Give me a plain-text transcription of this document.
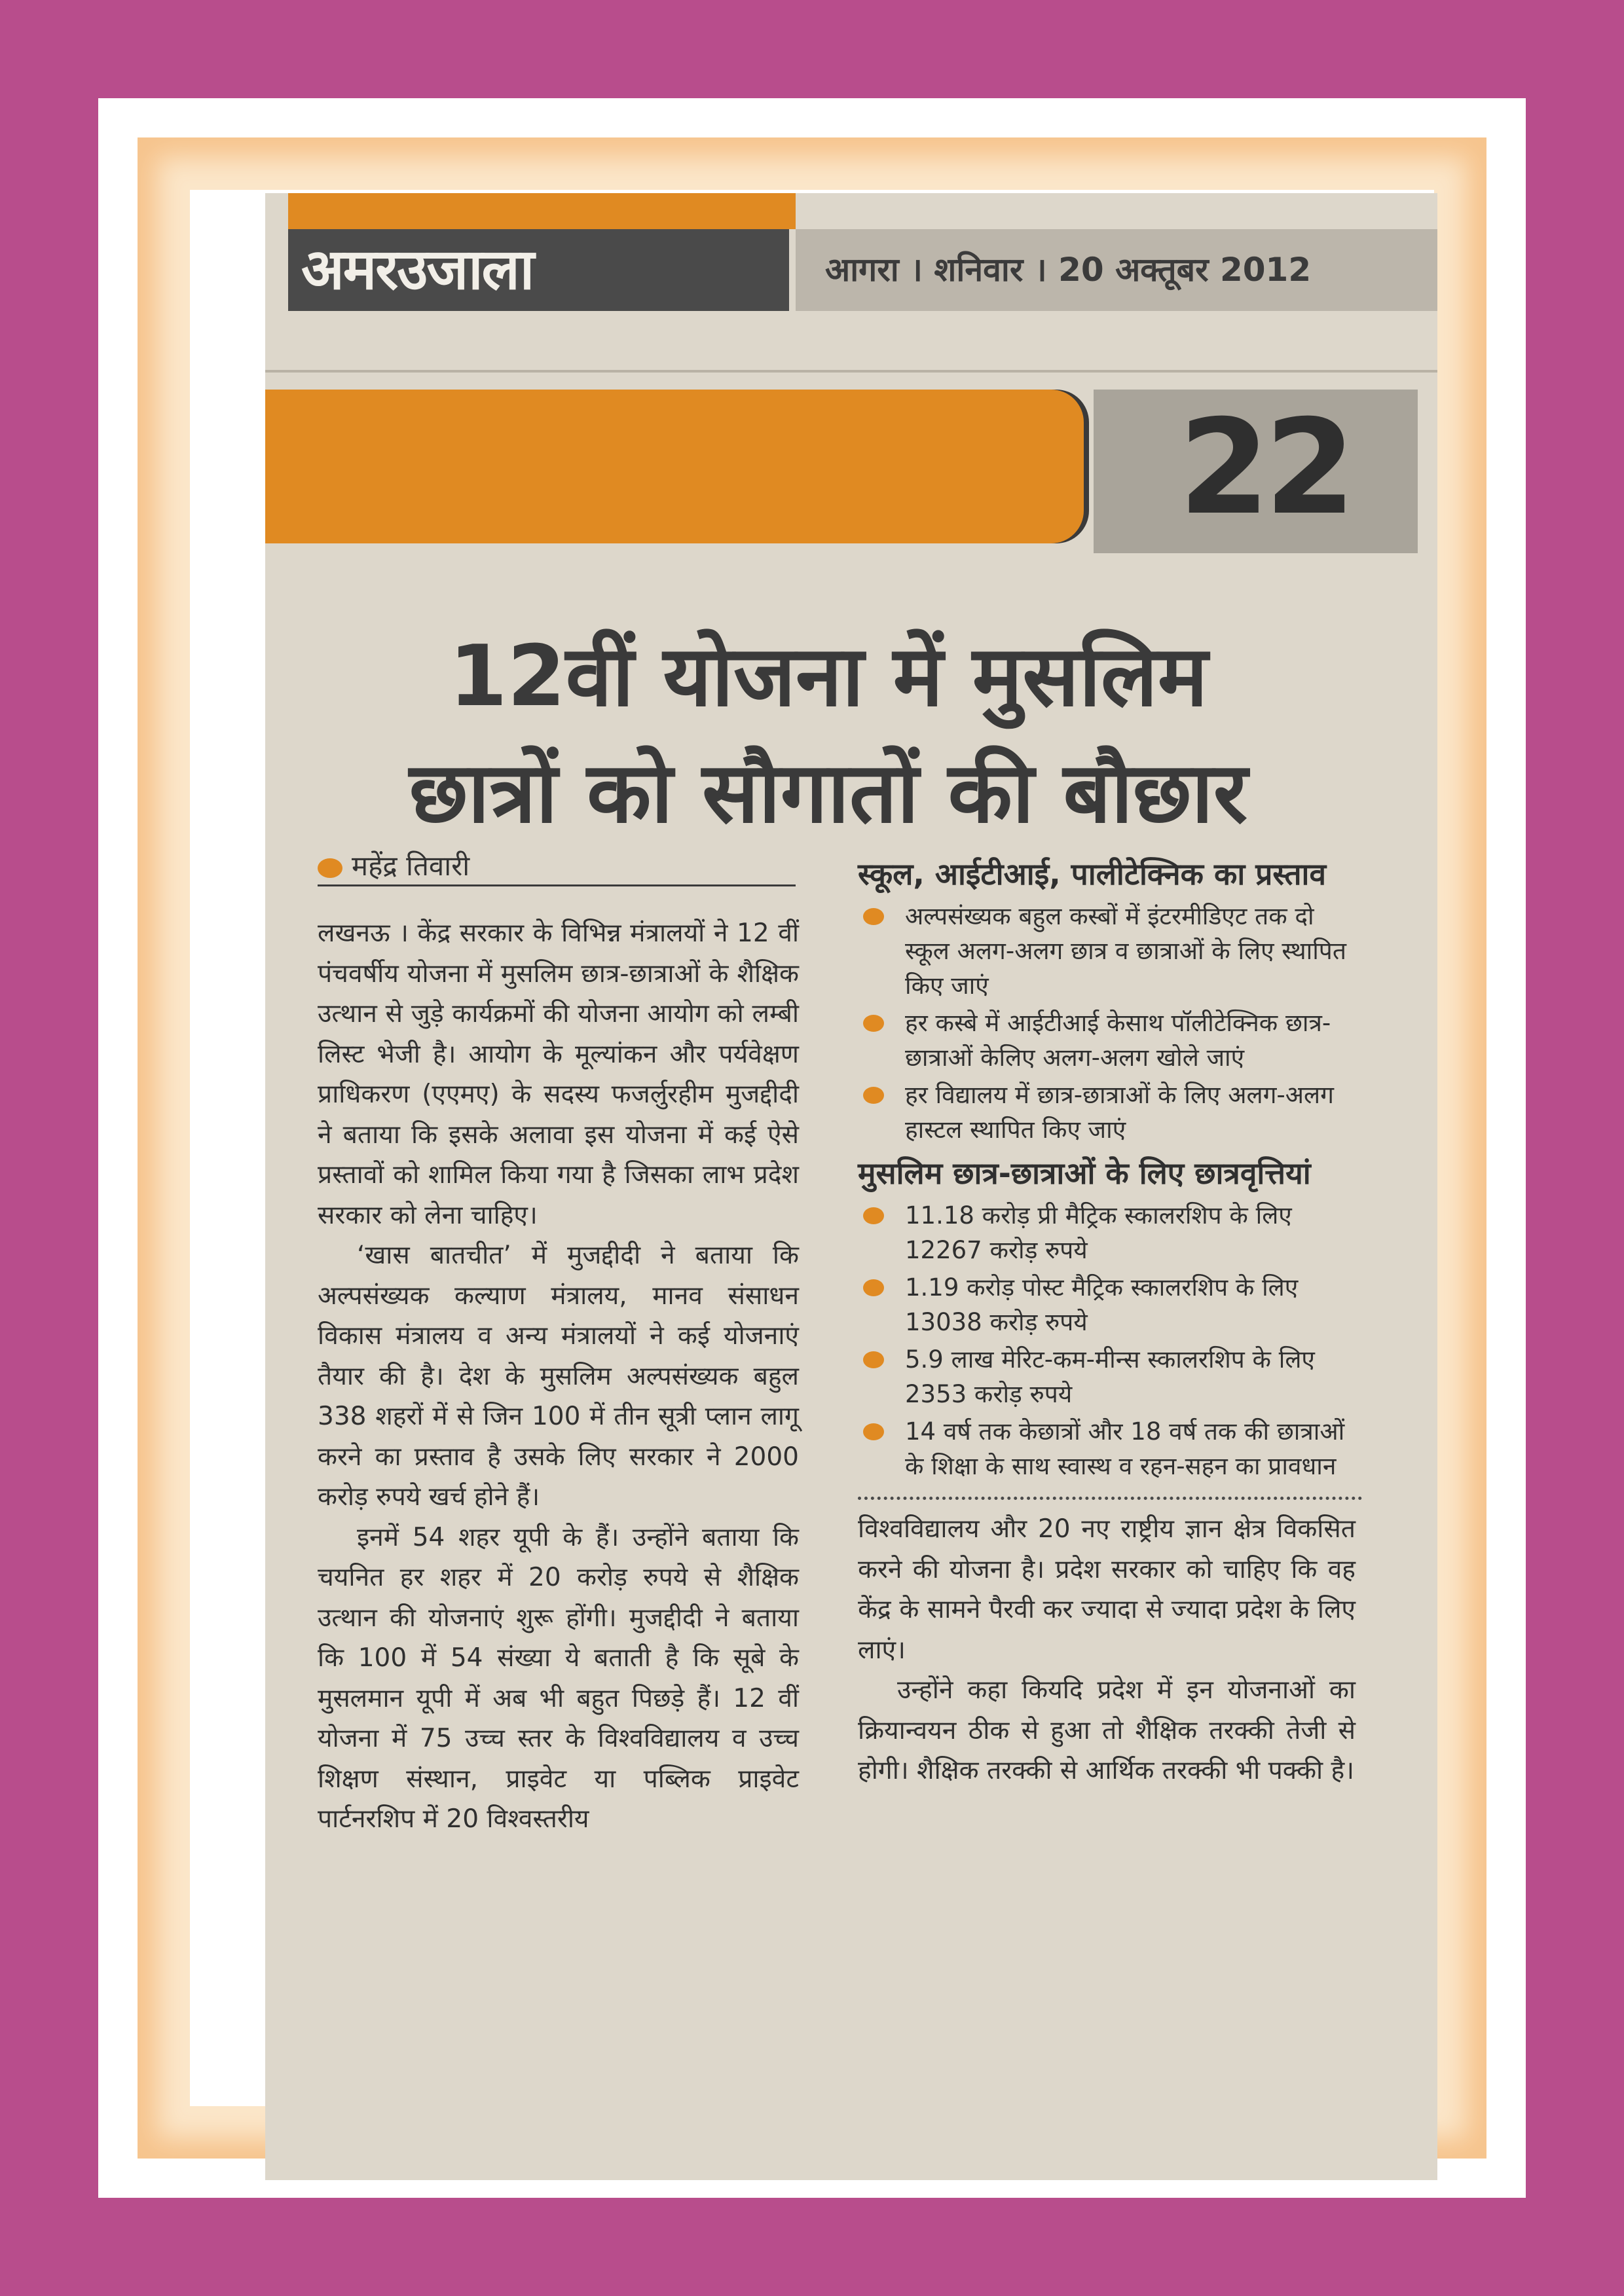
अमरउजाला	आगरा । शनिवार । 20 अक्तूबर 2012
22
12वीं योजना में मुसलिम
छात्रों को सौगातों की बौछार
महेंद्र तिवारी

लखनऊ । केंद्र सरकार के विभिन्न मंत्रालयों ने 12 वीं पंचवर्षीय योजना में मुसलिम छात्र-छात्राओं के शैक्षिक उत्थान से जुड़े कार्यक्रमों की योजना आयोग को लम्बी लिस्ट भेजी है। आयोग के मूल्यांकन और पर्यवेक्षण प्राधिकरण (एएमए) के सदस्य फजर्लुरहीम मुजद्दीदी ने बताया कि इसके अलावा इस योजना में कई ऐसे प्रस्तावों को शामिल किया गया है जिसका लाभ प्रदेश सरकार को लेना चाहिए।

‘खास बातचीत’ में मुजद्दीदी ने बताया कि अल्पसंख्यक कल्याण मंत्रालय, मानव संसाधन विकास मंत्रालय व अन्य मंत्रालयों ने कई योजनाएं तैयार की है। देश के मुसलिम अल्पसंख्यक बहुल 338 शहरों में से जिन 100 में तीन सूत्री प्लान लागू करने का प्रस्ताव है उसके लिए सरकार ने 2000 करोड़ रुपये खर्च होने हैं।

इनमें 54 शहर यूपी के हैं। उन्होंने बताया कि चयनित हर शहर में 20 करोड़ रुपये से शैक्षिक उत्थान की योजनाएं शुरू होंगी। मुजद्दीदी ने बताया कि 100 में 54 संख्या ये बताती है कि सूबे के मुसलमान यूपी में अब भी बहुत पिछड़े हैं। 12 वीं योजना में 75 उच्च स्तर के विश्वविद्यालय व उच्च शिक्षण संस्थान, प्राइवेट या पब्लिक प्राइवेट पार्टनरशिप में 20 विश्वस्तरीय

स्कूल, आईटीआई, पालीटेक्निक का प्रस्ताव
अल्पसंख्यक बहुल कस्बों में इंटरमीडिएट तक दो स्कूल अलग-अलग छात्र व छात्राओं के लिए स्थापित किए जाएं
हर कस्बे में आईटीआई केसाथ पॉलीटेक्निक छात्र-छात्राओं केलिए अलग-अलग खोले जाएं
हर विद्यालय में छात्र-छात्राओं के लिए अलग-अलग हास्टल स्थापित किए जाएं
मुसलिम छात्र-छात्राओं के लिए छात्रवृत्तियां
11.18 करोड़ प्री मैट्रिक स्कालरशिप के लिए 12267 करोड़ रुपये
1.19 करोड़ पोस्ट मैट्रिक स्कालरशिप के लिए 13038 करोड़ रुपये
5.9 लाख मेरिट-कम-मीन्स स्कालरशिप के लिए 2353 करोड़ रुपये
14 वर्ष तक केछात्रों और 18 वर्ष तक की छात्राओं के शिक्षा के साथ स्वास्थ व रहन-सहन का प्रावधान

विश्वविद्यालय और 20 नए राष्ट्रीय ज्ञान क्षेत्र विकसित करने की योजना है। प्रदेश सरकार को चाहिए कि वह केंद्र के सामने पैरवी कर ज्यादा से ज्यादा प्रदेश के लिए लाएं।

उन्होंने कहा कियदि प्रदेश में इन योजनाओं का क्रियान्वयन ठीक से हुआ तो शैक्षिक तरक्की तेजी से होगी। शैक्षिक तरक्की से आर्थिक तरक्की भी पक्की है।
